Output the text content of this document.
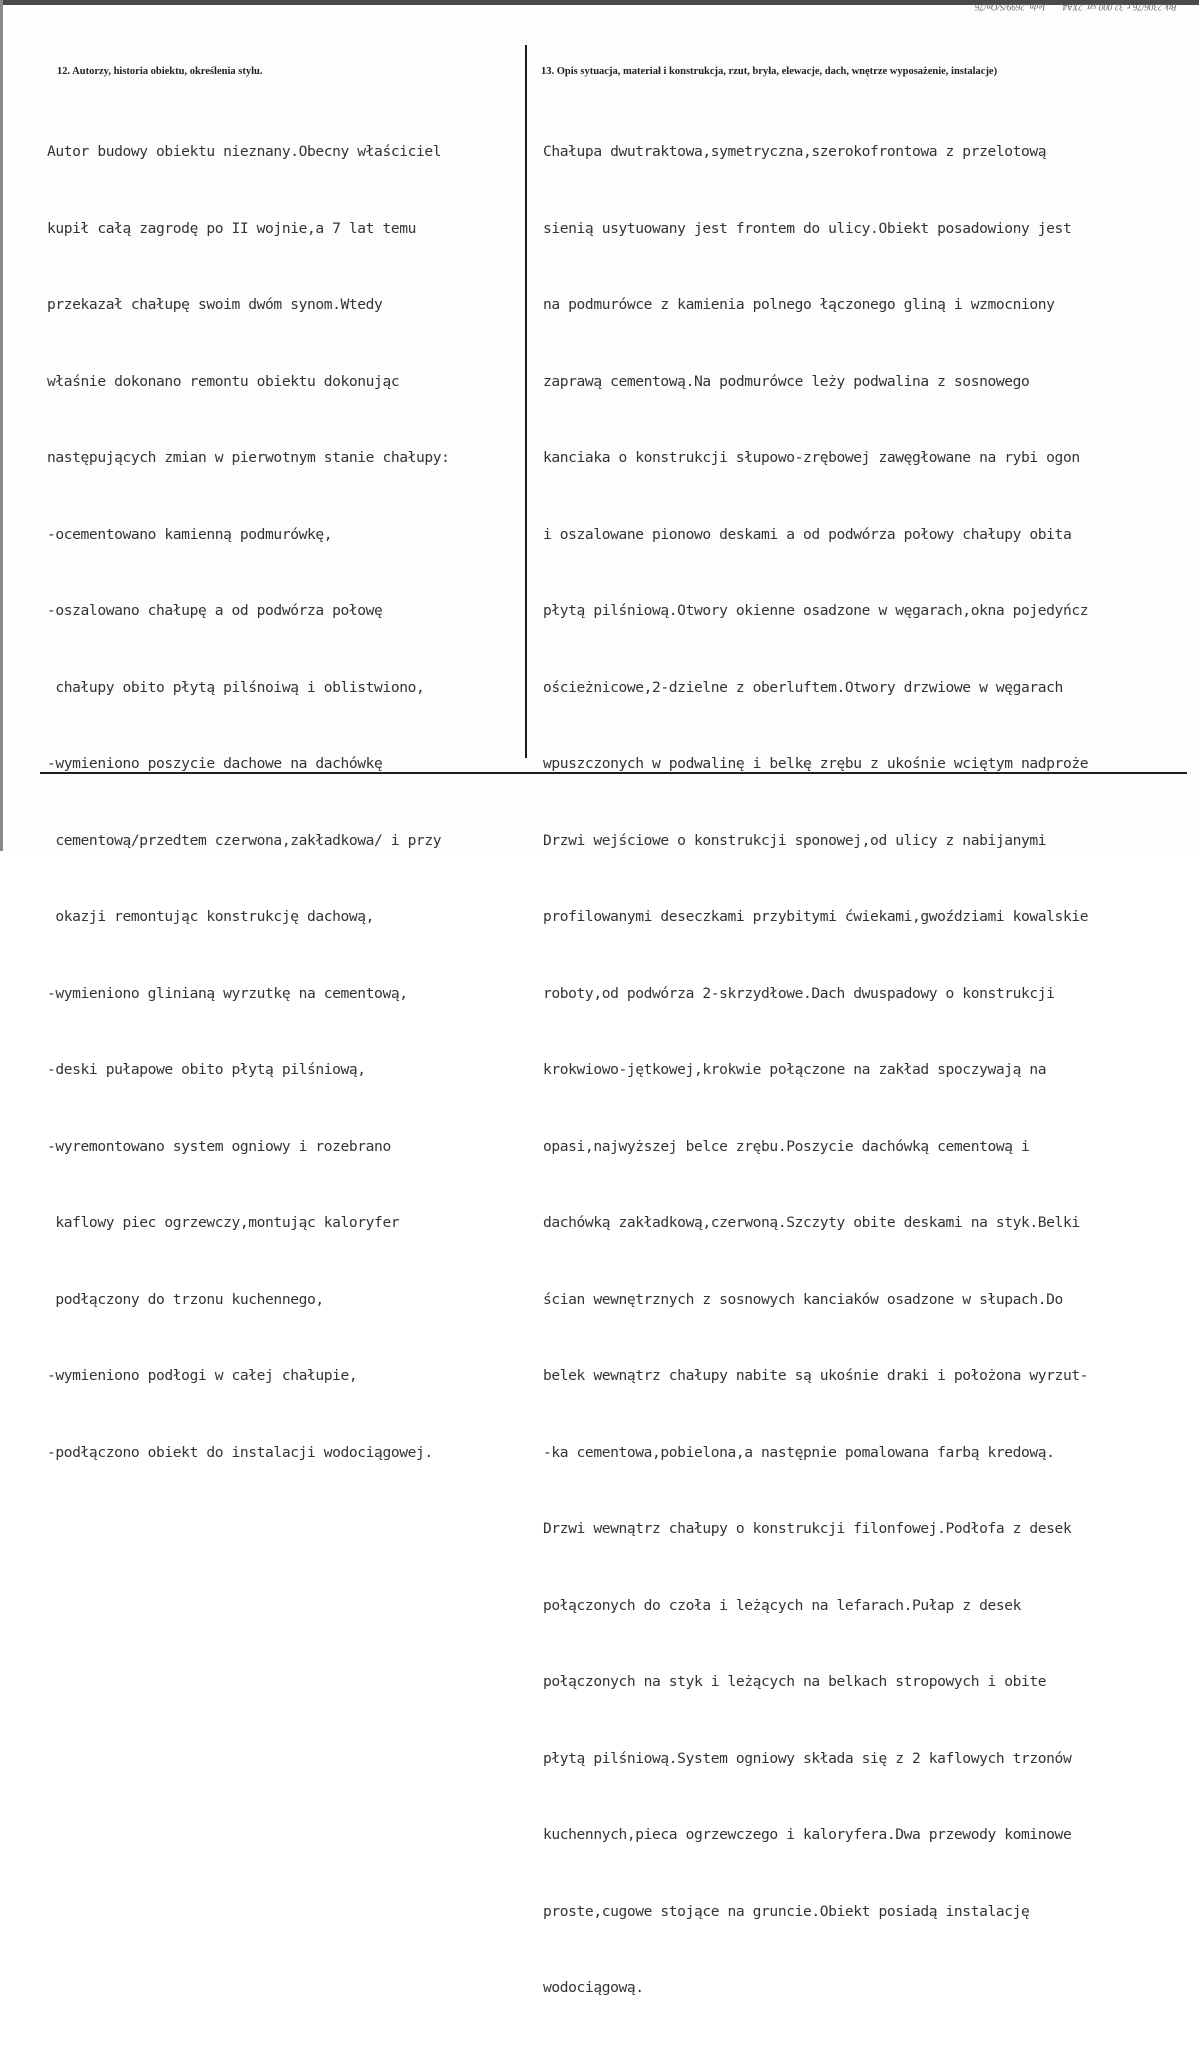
Btk 2306/76 r. 32.000 szt. 2XA4 Jedn. 2699/S/On/76
12. Autorzy, historia obiektu, określenia stylu.	13. Opis sytuacja, materiał i konstrukcja, rzut, bryła, elewacje, dach, wnętrze wyposażenie, instalacje)

Autor budowy obiektu nieznany.Obecny właściciel

kupił całą zagrodę po II wojnie,a 7 lat temu

przekazał chałupę swoim dwóm synom.Wtedy

właśnie dokonano remontu obiektu dokonując

następujących zmian w pierwotnym stanie chałupy:

-ocementowano kamienną podmurówkę,

-oszalowano chałupę a od podwórza połowę

chałupy obito płytą pilśnoiwą i oblistwiono,

-wymieniono poszycie dachowe na dachówkę

cementową/przedtem czerwona,zakładkowa/ i przy

okazji remontując konstrukcję dachową,

-wymieniono glinianą wyrzutkę na cementową,

-deski pułapowe obito płytą pilśniową,

-wyremontowano system ogniowy i rozebrano

kaflowy piec ogrzewczy,montując kaloryfer

podłączony do trzonu kuchennego,

-wymieniono podłogi w całej chałupie,

-podłączono obiekt do instalacji wodociągowej.

Chałupa dwutraktowa,symetryczna,szerokofrontowa z przelotową

sienią usytuowany jest frontem do ulicy.Obiekt posadowiony jest

na podmurówce z kamienia polnego łączonego gliną i wzmocniony

zaprawą cementową.Na podmurówce leży podwalina z sosnowego

kanciaka o konstrukcji słupowo-zrębowej zawęgłowane na rybi ogon

i oszalowane pionowo deskami a od podwórza połowy chałupy obita

płytą pilśniową.Otwory okienne osadzone w węgarach,okna pojedyńcz

ościeżnicowe,2-dzielne z oberluftem.Otwory drzwiowe w węgarach

wpuszczonych w podwalinę i belkę zrębu z ukośnie wciętym nadproże

Drzwi wejściowe o konstrukcji sponowej,od ulicy z nabijanymi

profilowanymi deseczkami przybitymi ćwiekami,gwoździami kowalskie

roboty,od podwórza 2-skrzydłowe.Dach dwuspadowy o konstrukcji

krokwiowo-jętkowej,krokwie połączone na zakład spoczywają na

opasi,najwyższej belce zrębu.Poszycie dachówką cementową i

dachówką zakładkową,czerwoną.Szczyty obite deskami na styk.Belki

ścian wewnętrznych z sosnowych kanciaków osadzone w słupach.Do

belek wewnątrz chałupy nabite są ukośnie draki i położona wyrzut-

-ka cementowa,pobielona,a następnie pomalowana farbą kredową.

Drzwi wewnątrz chałupy o konstrukcji filonfowej.Podłofa z desek

połączonych do czoła i leżących na lefarach.Pułap z desek

połączonych na styk i leżących na belkach stropowych i obite

płytą pilśniową.System ogniowy składa się z 2 kaflowych trzonów

kuchennych,pieca ogrzewczego i kaloryfera.Dwa przewody kominowe

proste,cugowe stojące na gruncie.Obiekt posiadą instalację

wodociągową.
